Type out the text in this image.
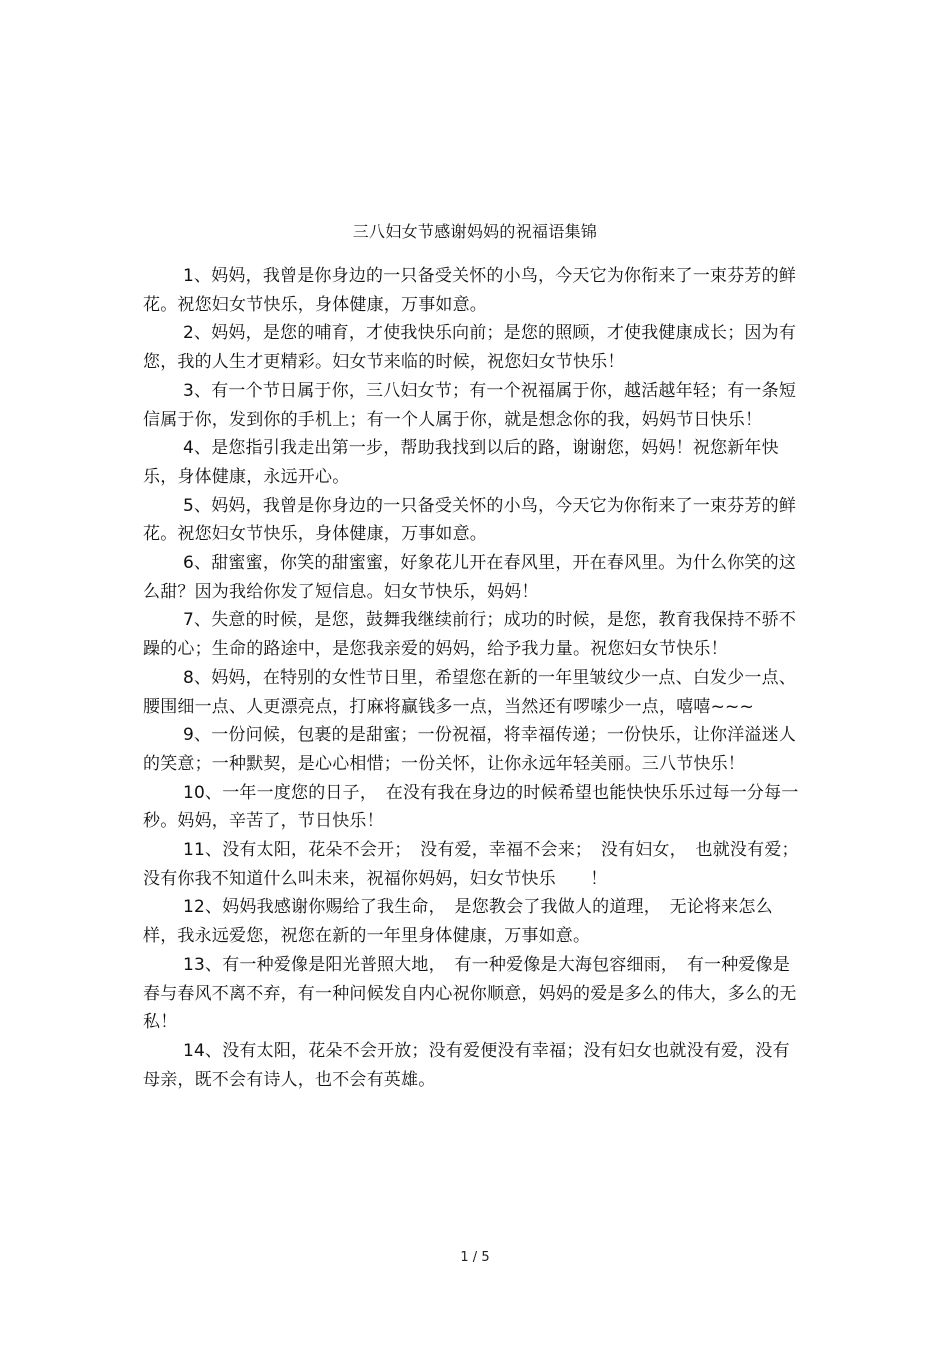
三八妇女节感谢妈妈的祝福语集锦

1、妈妈，我曾是你身边的一只备受关怀的小鸟，今天它为你衔来了一束芬芳的鲜花。祝您妇女节快乐，身体健康，万事如意。

2、妈妈，是您的哺育，才使我快乐向前；是您的照顾，才使我健康成长；因为有您，我的人生才更精彩。妇女节来临的时候，祝您妇女节快乐！

3、有一个节日属于你，三八妇女节；有一个祝福属于你，越活越年轻；有一条短信属于你，发到你的手机上；有一个人属于你，就是想念你的我，妈妈节日快乐！

4、是您指引我走出第一步，帮助我找到以后的路，谢谢您，妈妈！祝您新年快乐，身体健康，永远开心。

5、妈妈，我曾是你身边的一只备受关怀的小鸟，今天它为你衔来了一束芬芳的鲜花。祝您妇女节快乐，身体健康，万事如意。

6、甜蜜蜜，你笑的甜蜜蜜，好象花儿开在春风里，开在春风里。为什么你笑的这么甜？因为我给你发了短信息。妇女节快乐，妈妈！

7、失意的时候，是您，鼓舞我继续前行；成功的时候，是您，教育我保持不骄不躁的心；生命的路途中，是您我亲爱的妈妈，给予我力量。祝您妇女节快乐！

8、妈妈，在特别的女性节日里，希望您在新的一年里皱纹少一点、白发少一点、腰围细一点、人更漂亮点，打麻将赢钱多一点，当然还有啰嗦少一点，嘻嘻~~~

9、一份问候，包裹的是甜蜜；一份祝福，将幸福传递；一份快乐，让你洋溢迷人的笑意；一种默契，是心心相惜；一份关怀，让你永远年轻美丽。三八节快乐！

10、一年一度您的日子，　在没有我在身边的时候希望也能快快乐乐过每一分每一秒。妈妈，辛苦了，节日快乐！

11、没有太阳，花朵不会开；　没有爱，幸福不会来；　没有妇女，　也就没有爱；没有你我不知道什么叫未来，祝福你妈妈，妇女节快乐　　！

12、妈妈我感谢你赐给了我生命，　是您教会了我做人的道理，　无论将来怎么样，我永远爱您，祝您在新的一年里身体健康，万事如意。

13、有一种爱像是阳光普照大地，　有一种爱像是大海包容细雨，　有一种爱像是春与春风不离不弃，有一种问候发自内心祝你顺意，妈妈的爱是多么的伟大，多么的无私！

14、没有太阳，花朵不会开放；没有爱便没有幸福；没有妇女也就没有爱，没有母亲，既不会有诗人，也不会有英雄。

1 / 5
